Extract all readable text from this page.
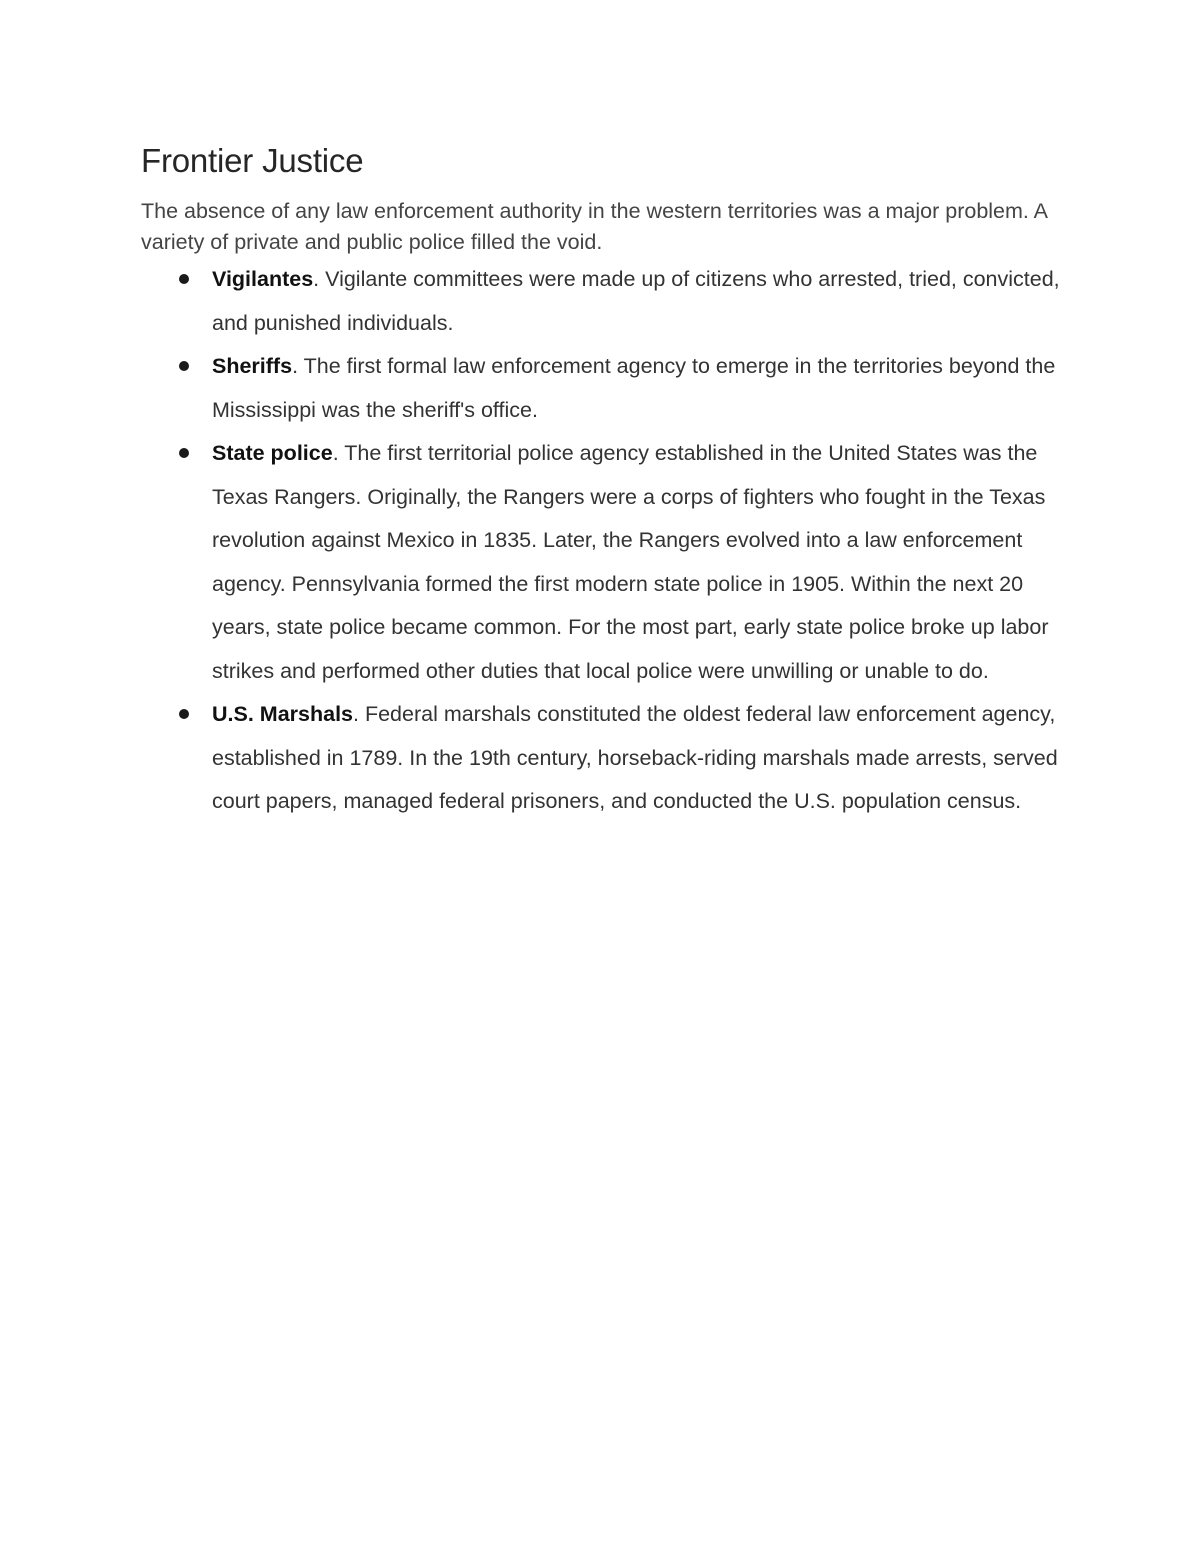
Frontier Justice

The absence of any law enforcement authority in the western territories was a major problem. A variety of private and public police filled the void.

Vigilantes. Vigilante committees were made up of citizens who arrested, tried, convicted, and punished individuals.
Sheriffs. The first formal law enforcement agency to emerge in the territories beyond the Mississippi was the sheriff's office.
State police. The first territorial police agency established in the United States was the Texas Rangers. Originally, the Rangers were a corps of fighters who fought in the Texas revolution against Mexico in 1835. Later, the Rangers evolved into a law enforcement agency. Pennsylvania formed the first modern state police in 1905. Within the next 20 years, state police became common. For the most part, early state police broke up labor strikes and performed other duties that local police were unwilling or unable to do.
U.S. Marshals. Federal marshals constituted the oldest federal law enforcement agency, established in 1789. In the 19th century, horseback-riding marshals made arrests, served court papers, managed federal prisoners, and conducted the U.S. population census.
